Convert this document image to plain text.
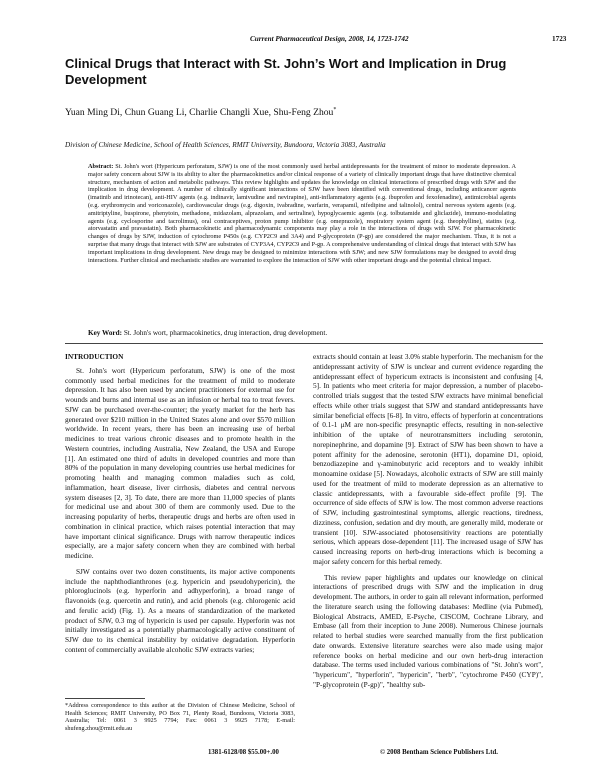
Current Pharmaceutical Design, 2008, 14, 1723-1742	1723
Clinical Drugs that Interact with St. John’s Wort and Implication in Drug Development
Yuan Ming Di, Chun Guang Li, Charlie Changli Xue, Shu-Feng Zhou*
Division of Chinese Medicine, School of Health Sciences, RMIT University, Bundoora, Victoria 3083, Australia
Abstract: St. John's wort (Hypericum perforatum, SJW) is one of the most commonly used herbal antidepressants for the treatment of minor to moderate depression. A major safety concern about SJW is its ability to alter the pharmacokinetics and/or clinical response of a variety of clinically important drugs that have distinctive chemical structure, mechanism of action and metabolic pathways. This review highlights and updates the knowledge on clinical interactions of prescribed drugs with SJW and the implication in drug development. A number of clinically significant interactions of SJW have been identified with conventional drugs, including anticancer agents (imatinib and irinotecan), anti-HIV agents (e.g. indinavir, lamivudine and nevirapine), anti-inflammatory agents (e.g. ibuprofen and fexofenadine), antimicrobial agents (e.g. erythromycin and voriconazole), cardiovascular drugs (e.g. digoxin, ivabradine, warfarin, verapamil, nifedipine and talinolol), central nervous system agents (e.g. amitriptyline, buspirone, phenytoin, methadone, midazolam, alprazolam, and sertraline), hypoglycaemic agents (e.g. tolbutamide and gliclazide), immuno-modulating agents (e.g. cyclosporine and tacrolimus), oral contraceptives, proton pump inhibitor (e.g. omeprazole), respiratory system agent (e.g. theophylline), statins (e.g. atorvastatin and pravastatin). Both pharmacokinetic and pharmacodynamic components may play a role in the interactions of drugs with SJW. For pharmacokinetic changes of drugs by SJW, induction of cytochrome P450s (e.g. CYP2C9 and 3A4) and P-glycoprotein (P-gp) are considered the major mechanism. Thus, it is not a surprise that many drugs that interact with SJW are substrates of CYP3A4, CYP2C9 and P-gp. A comprehensive understanding of clinical drugs that interact with SJW has important implications in drug development. New drugs may be designed to minimize interactions with SJW; and new SJW formulations may be designed to avoid drug interactions. Further clinical and mechanistic studies are warranted to explore the interaction of SJW with other important drugs and the potential clinical impact.
Key Word: St. John's wort, pharmacokinetics, drug interaction, drug development.

INTRODUCTION

St. John's wort (Hypericum perforatum, SJW) is one of the most commonly used herbal medicines for the treatment of mild to moderate depression. It has also been used by ancient practitioners for external use for wounds and burns and internal use as an infusion or herbal tea to treat fevers. SJW can be purchased over-the-counter; the yearly market for the herb has generated over $210 million in the United States alone and over $570 million worldwide. In recent years, there has been an increasing use of herbal medicines to treat various chronic diseases and to promote health in the Western countries, including Australia, New Zealand, the USA and Europe [1]. An estimated one third of adults in developed countries and more than 80% of the population in many developing countries use herbal medicines for promoting health and managing common maladies such as cold, inflammation, heart disease, liver cirrhosis, diabetes and central nervous system diseases [2, 3]. To date, there are more than 11,000 species of plants for medicinal use and about 300 of them are commonly used. Due to the increasing popularity of herbs, therapeutic drugs and herbs are often used in combination in clinical practice, which raises potential interaction that may have important clinical significance. Drugs with narrow therapeutic indices especially, are a major safety concern when they are combined with herbal medicine.

SJW contains over two dozen constituents, its major active components include the naphthodianthrones (e.g. hypericin and pseudohypericin), the phloroglucinols (e.g. hyperforin and adhyperforin), a broad range of flavonoids (e.g. quercetin and rutin), and acid phenols (e.g. chlorogenic acid and ferulic acid) (Fig. 1). As a means of standardization of the marketed product of SJW, 0.3 mg of hypericin is used per capsule. Hyperforin was not initially investigated as a potentially pharmacologically active constituent of SJW due to its chemical instability by oxidative degradation. Hyperforin content of commercially available alcoholic SJW extracts varies;

extracts should contain at least 3.0% stable hyperforin. The mechanism for the antidepressant activity of SJW is unclear and current evidence regarding the antidepressant effect of hypericum extracts is inconsistent and confusing [4, 5]. In patients who meet criteria for major depression, a number of placebo-controlled trials suggest that the tested SJW extracts have minimal beneficial effects while other trials suggest that SJW and standard antidepressants have similar beneficial effects [6-8]. In vitro, effects of hyperforin at concentrations of 0.1-1 μM are non-specific presynaptic effects, resulting in non-selective inhibition of the uptake of neurotransmitters including serotonin, norepinephrine, and dopamine [9]. Extract of SJW has been shown to have a potent affinity for the adenosine, serotonin (HT1), dopamine D1, opioid, benzodiazepine and γ-aminobutyric acid receptors and to weakly inhibit monoamine oxidase [5]. Nowadays, alcoholic extracts of SJW are still mainly used for the treatment of mild to moderate depression as an alternative to classic antidepressants, with a favourable side-effect profile [9]. The occurrence of side effects of SJW is low. The most common adverse reactions of SJW, including gastrointestinal symptoms, allergic reactions, tiredness, dizziness, confusion, sedation and dry mouth, are generally mild, moderate or transient [10]. SJW-associated photosensitivity reactions are potentially serious, which appears dose-dependent [11]. The increased usage of SJW has caused increasing reports on herb-drug interactions which is becoming a major safety concern for this herbal remedy.

This review paper highlights and updates our knowledge on clinical interactions of prescribed drugs with SJW and the implication in drug development. The authors, in order to gain all relevant information, performed the literature search using the following databases: Medline (via Pubmed), Biological Abstracts, AMED, E-Psyche, CISCOM, Cochrane Library, and Embase (all from their inception to June 2008). Numerous Chinese journals related to herbal studies were searched manually from the first publication date onwards. Extensive literature searches were also made using major reference books on herbal medicine and our own herb-drug interaction database. The terms used included various combinations of "St. John's wort", "hypericum", "hyperforin", "hypericin", "herb", "cytochrome P450 (CYP)", "P-glycoprotein (P-gp)", "healthy sub-

*Address correspondence to this author at the Division of Chinese Medicine, School of Health Sciences; RMIT University, PO Box 71, Plenty Road, Bundoora, Victoria 3083, Australia; Tel: 0061 3 9925 7794; Fax: 0061 3 9925 7178; E-mail: shufeng.zhou@rmit.edu.au
1381-6128/08 $55.00+.00	© 2008 Bentham Science Publishers Ltd.
